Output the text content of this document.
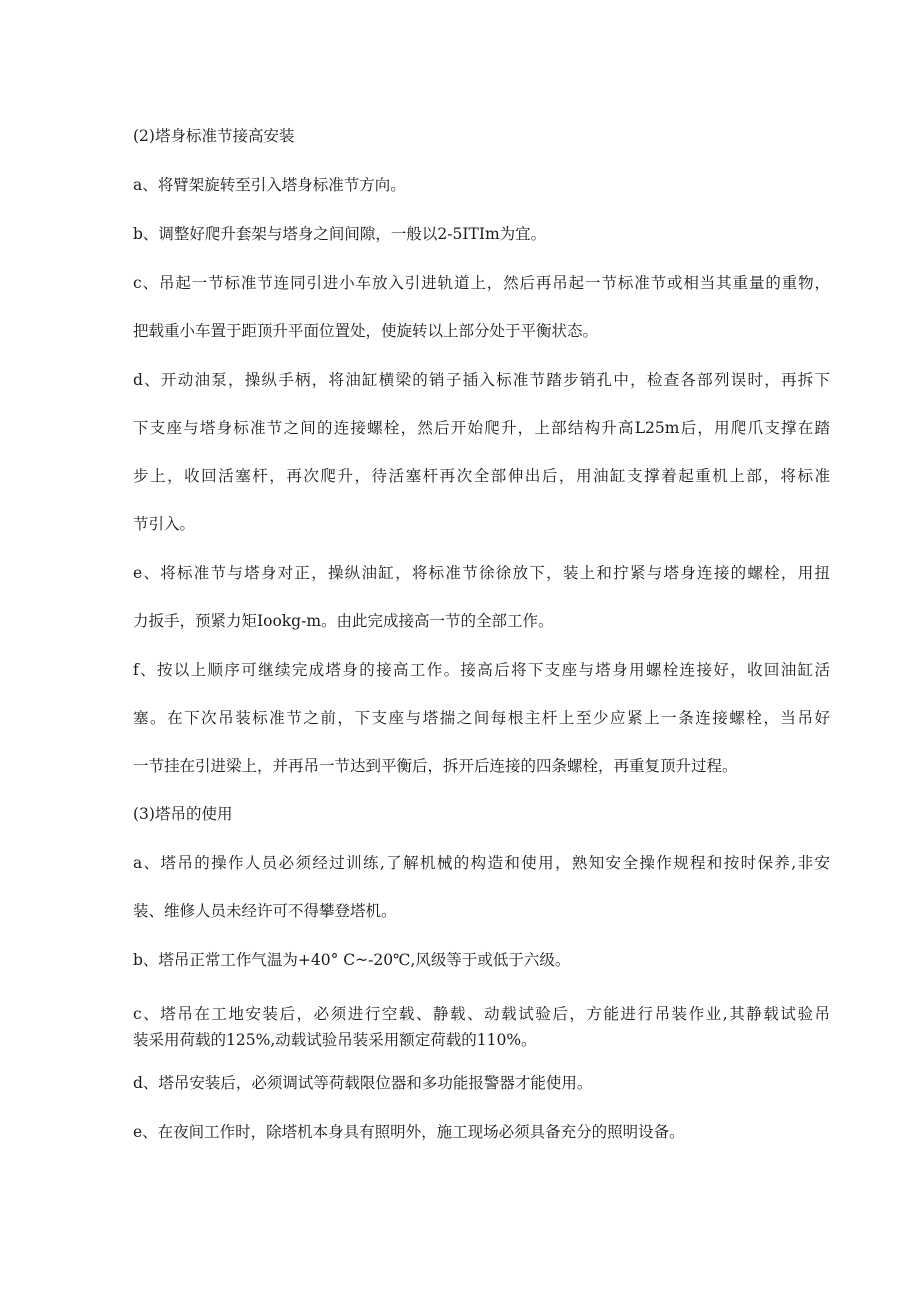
(2)塔身标准节接高安装

a、将臂架旋转至引入塔身标准节方向。

b、调整好爬升套架与塔身之间间隙，一般以2-5ITIm为宜。

c、吊起一节标准节连同引进小车放入引进轨道上，然后再吊起一节标准节或相当其重量的重物，

把载重小车置于距顶升平面位置处，使旋转以上部分处于平衡状态。

d、开动油泵，操纵手柄，将油缸横梁的销子插入标准节踏步销孔中，检查各部列误时，再拆下

下支座与塔身标准节之间的连接螺栓，然后开始爬升，上部结构升高L25m后，用爬爪支撑在踏

步上，收回活塞杆，再次爬升，待活塞杆再次全部伸出后，用油缸支撑着起重机上部，将标准

节引入。

e、将标准节与塔身对正，操纵油缸，将标准节徐徐放下，装上和拧紧与塔身连接的螺栓，用扭

力扳手，预紧力矩Iookg-m。由此完成接高一节的全部工作。

f、按以上顺序可继续完成塔身的接高工作。接高后将下支座与塔身用螺栓连接好，收回油缸活

塞。在下次吊装标准节之前，下支座与塔揣之间每根主杆上至少应紧上一条连接螺栓，当吊好

一节挂在引进梁上，并再吊一节达到平衡后，拆开后连接的四条螺栓，再重复顶升过程。

(3)塔吊的使用

a、塔吊的操作人员必须经过训练,了解机械的构造和使用，熟知安全操作规程和按时保养,非安

装、维修人员未经许可不得攀登塔机。

b、塔吊正常工作气温为+40° C~-20℃,风级等于或低于六级。

c、塔吊在工地安装后，必须进行空载、静载、动载试验后，方能进行吊装作业,其静载试验吊

装采用荷载的125%,动载试验吊装采用额定荷载的110%。

d、塔吊安装后，必须调试等荷载限位器和多功能报警器才能使用。

e、在夜间工作时，除塔机本身具有照明外，施工现场必须具备充分的照明设备。
